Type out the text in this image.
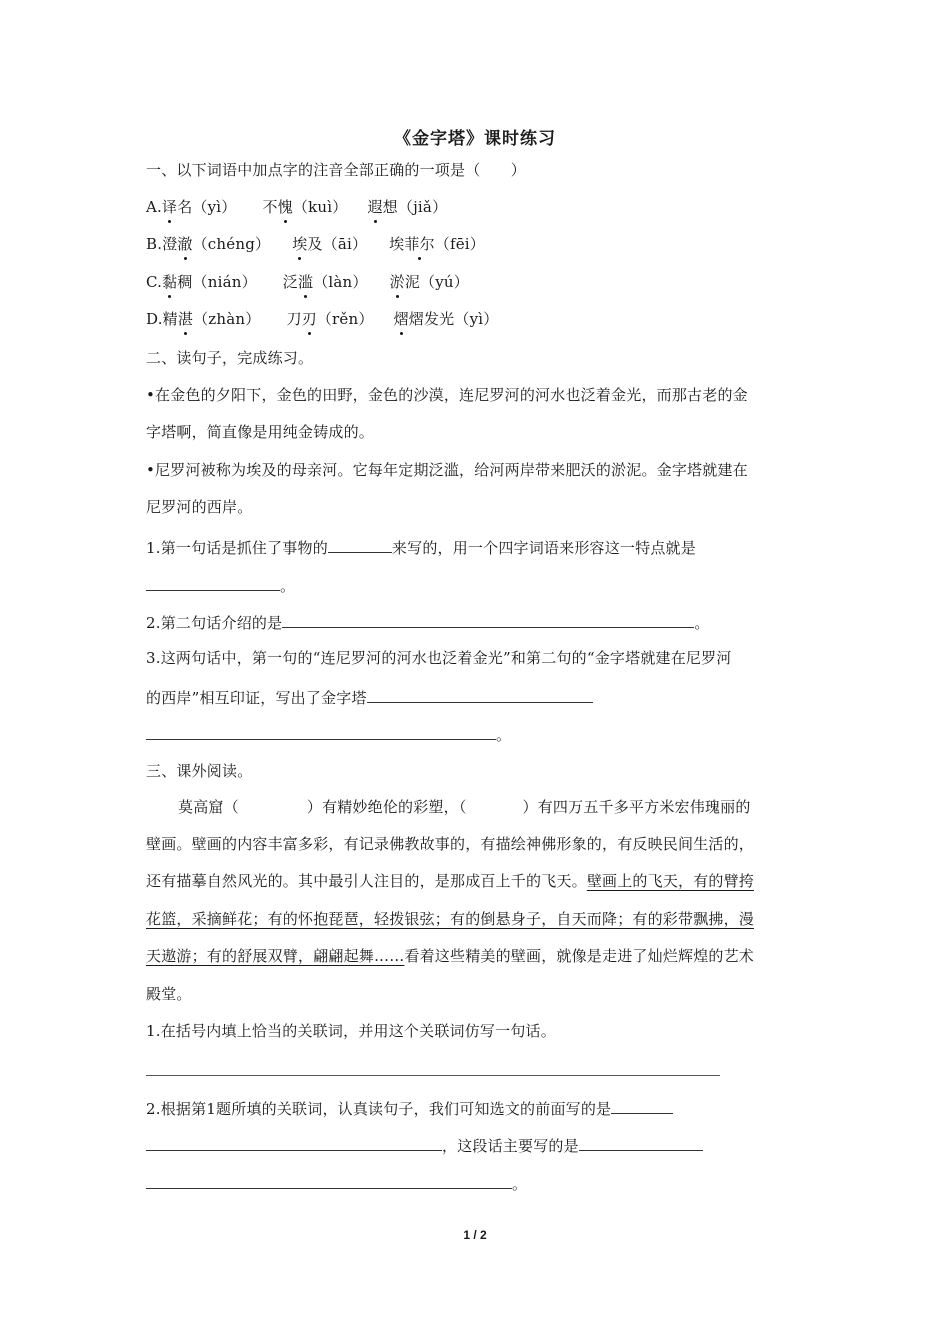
《金字塔》课时练习
一、以下词语中加点字的注音全部正确的一项是（　　）
A.译名（yì） 不愧（kuì） 遐想（jiǎ）
B.澄澈（chéng） 埃及（āi） 埃菲尔（fēi）
C.黏稠（nián） 泛滥（làn） 淤泥（yú）
D.精湛（zhàn） 刀刃（rěn） 熠熠发光（yì）
二、读句子，完成练习。
•在金色的夕阳下，金色的田野，金色的沙漠，连尼罗河的河水也泛着金光，而那古老的金
字塔啊，简直像是用纯金铸成的。
•尼罗河被称为埃及的母亲河。它每年定期泛滥，给河两岸带来肥沃的淤泥。金字塔就建在
尼罗河的西岸。
1.第一句话是抓住了事物的	来写的，用一个四字词语来形容这一特点就是
。
2.第二句话介绍的是	。
3.这两句话中，第一句的“连尼罗河的河水也泛着金光”和第二句的“金字塔就建在尼罗河
的西岸”相互印证，写出了金字塔
。
三、课外阅读。
莫高窟（	）有精妙绝伦的彩塑，（	）有四万五千多平方米宏伟瑰丽的
壁画。壁画的内容丰富多彩，有记录佛教故事的，有描绘神佛形象的，有反映民间生活的，
还有描摹自然风光的。其中最引人注目的，是那成百上千的飞天。壁画上的飞天，有的臂挎
花篮，采摘鲜花；有的怀抱琵琶，轻拨银弦；有的倒悬身子，自天而降；有的彩带飘拂，漫
天遨游；有的舒展双臂，翩翩起舞……看着这些精美的壁画，就像是走进了灿烂辉煌的艺术
殿堂。
1.在括号内填上恰当的关联词，并用这个关联词仿写一句话。
2.根据第1题所填的关联词，认真读句子，我们可知选文的前面写的是
，这段话主要写的是
。
1 / 2
